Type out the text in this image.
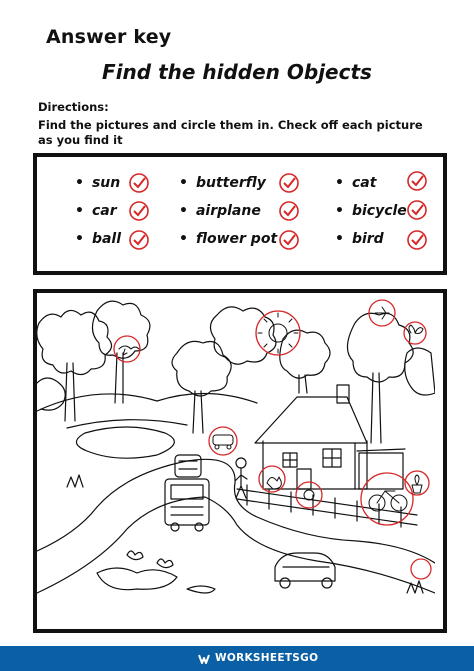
Answer key
Find the hidden Objects
Directions:
Find the pictures and circle them in. Check off each picture as you find it
• sun
• car
• ball
• butterfly
• airplane
• flower pot
• cat
• bicycle
• bird
WORKSHEETSGO
